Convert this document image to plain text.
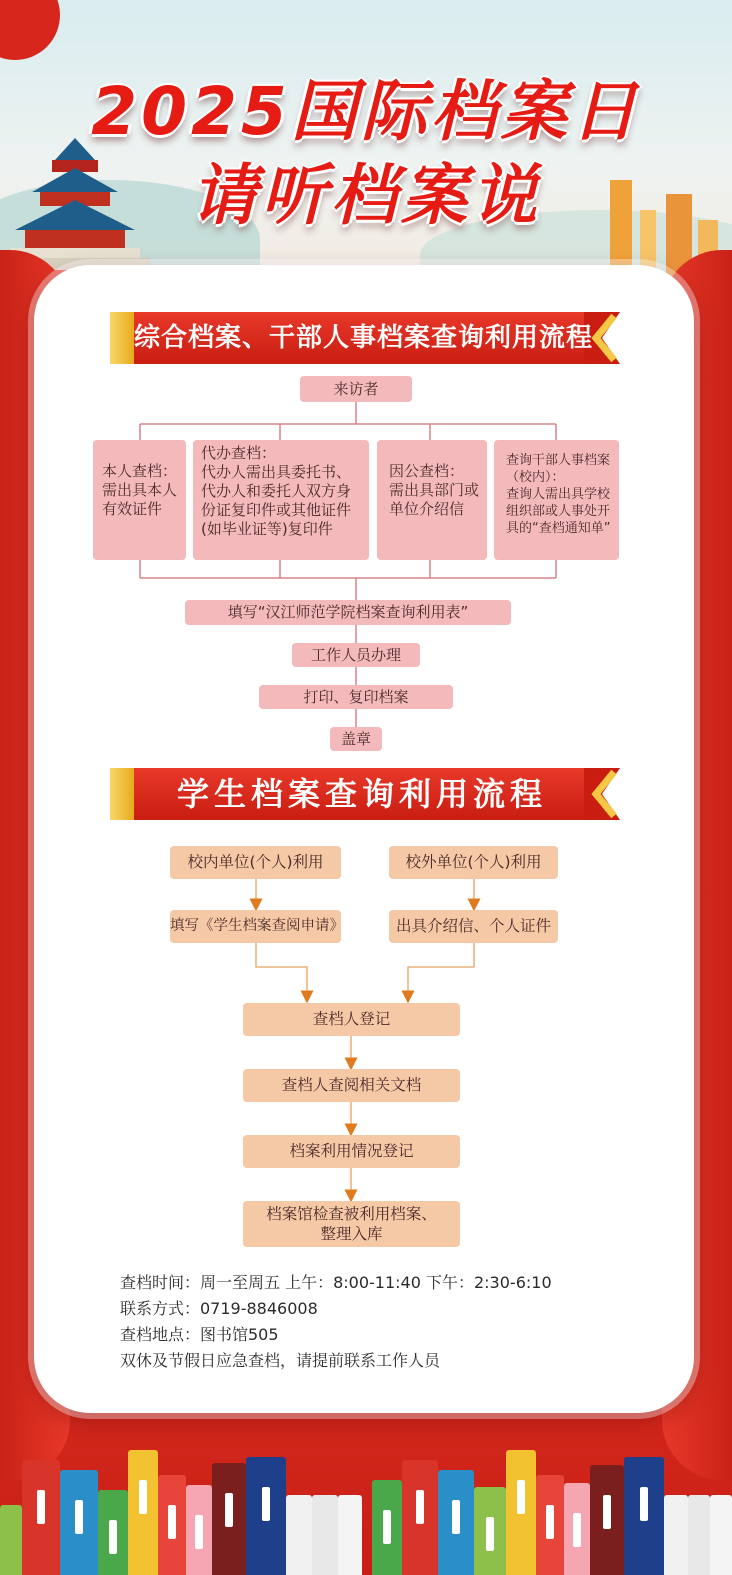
2025国际档案日
请听档案说
综合档案、干部人事档案查询利用流程
来访者
本人查档：
需出具本人有效证件
代办查档：
代办人需出具委托书、代办人和委托人双方身份证复印件或其他证件(如毕业证等)复印件
因公查档：
需出具部门或单位介绍信
查询干部人事档案（校内）：
查询人需出具学校组织部或人事处开具的“查档通知单”
填写“汉江师范学院档案查询利用表”
工作人员办理
打印、复印档案
盖章
学生档案查询利用流程
校内单位(个人)利用
填写《学生档案查阅申请》
校外单位(个人)利用
出具介绍信、个人证件
查档人登记
查档人查阅相关文档
档案利用情况登记
档案馆检查被利用档案、
整理入库
查档时间：周一至周五 上午：8:00-11:40 下午：2:30-6:10
联系方式：0719-8846008
查档地点：图书馆505
双休及节假日应急查档，请提前联系工作人员
